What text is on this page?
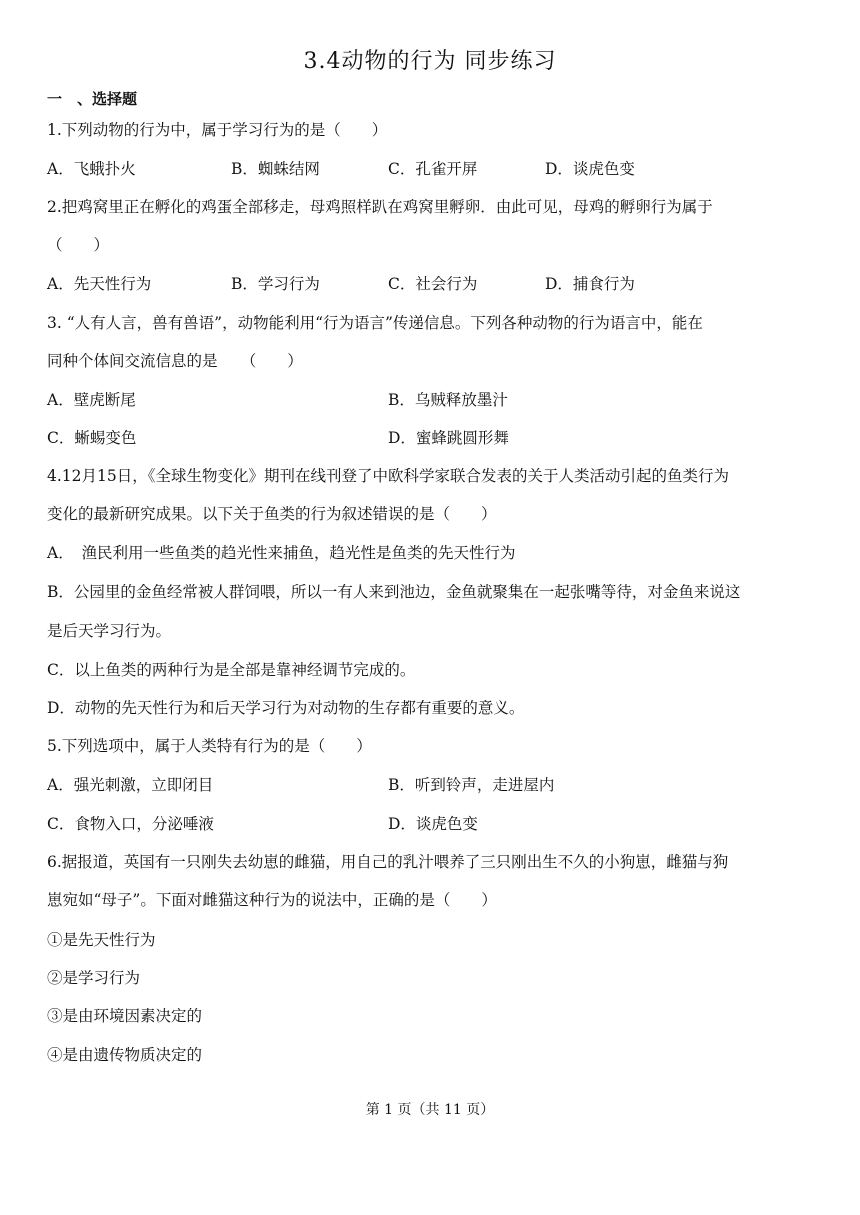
3.4动物的行为 同步练习
一　、选择题
1.下列动物的行为中，属于学习行为的是（　　）
A．飞蛾扑火	B．蜘蛛结网	C．孔雀开屏	D．谈虎色变
2.把鸡窝里正在孵化的鸡蛋全部移走，母鸡照样趴在鸡窝里孵卵．由此可见，母鸡的孵卵行为属于
（　　）
A．先天性行为	B．学习行为	C．社会行为	D．捕食行为
3. “人有人言，兽有兽语”，动物能利用“行为语言”传递信息。下列各种动物的行为语言中，能在
同种个体间交流信息的是　　（　　）
A．壁虎断尾	B．乌贼释放墨汁
C．蜥蜴变色	D．蜜蜂跳圆形舞
4.12月15日，《全球生物变化》期刊在线刊登了中欧科学家联合发表的关于人类活动引起的鱼类行为
变化的最新研究成果。以下关于鱼类的行为叙述错误的是（　　）
A．　渔民利用一些鱼类的趋光性来捕鱼，趋光性是鱼类的先天性行为
B．公园里的金鱼经常被人群饲喂，所以一有人来到池边，金鱼就聚集在一起张嘴等待，对金鱼来说这
是后天学习行为。
C．以上鱼类的两种行为是全部是靠神经调节完成的。
D．动物的先天性行为和后天学习行为对动物的生存都有重要的意义。
5.下列选项中，属于人类特有行为的是（　　）
A．强光刺激，立即闭目	B．听到铃声，走进屋内
C．食物入口，分泌唾液	D．谈虎色变
6.据报道，英国有一只刚失去幼崽的雌猫，用自己的乳汁喂养了三只刚出生不久的小狗崽，雌猫与狗
崽宛如“母子”。下面对雌猫这种行为的说法中，正确的是（　　）
①是先天性行为
②是学习行为
③是由环境因素决定的
④是由遗传物质决定的
第 1 页（共 11 页）
